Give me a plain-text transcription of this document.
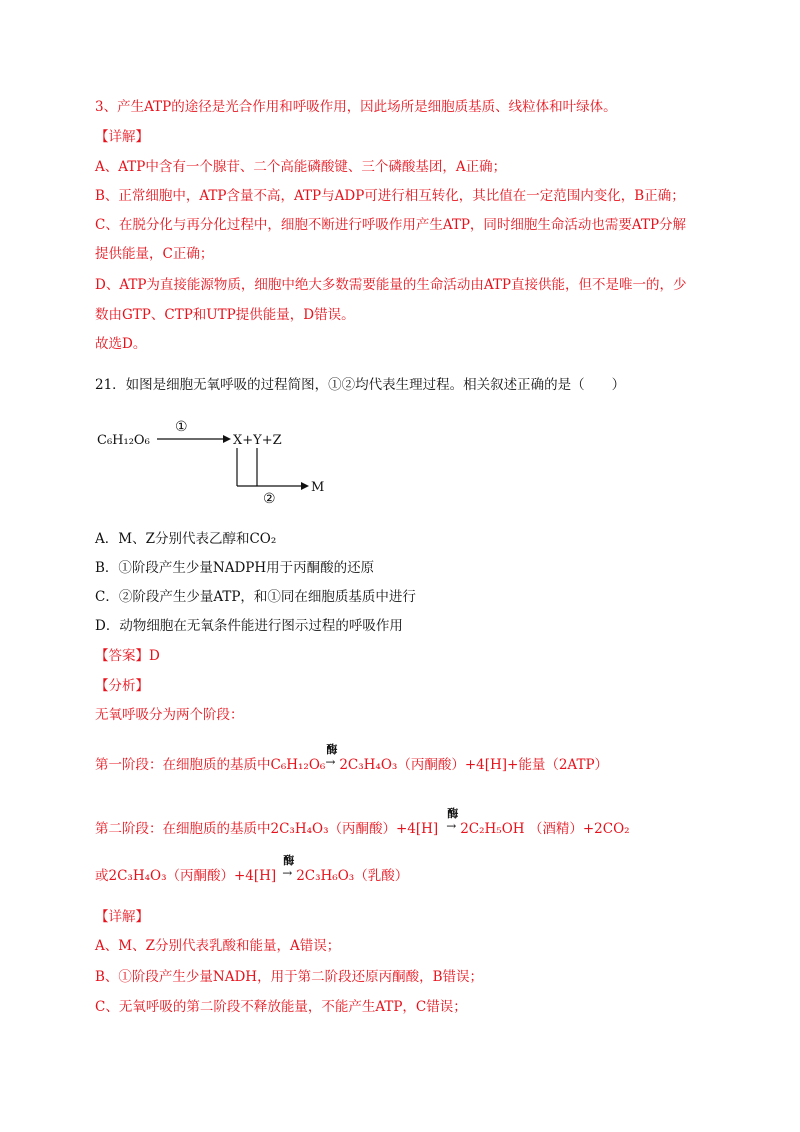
3、产生ATP的途径是光合作用和呼吸作用，因此场所是细胞质基质、线粒体和叶绿体。
【详解】
A、ATP中含有一个腺苷、二个高能磷酸键、三个磷酸基团，A正确；
B、正常细胞中，ATP含量不高，ATP与ADP可进行相互转化，其比值在一定范围内变化，B正确；
C、在脱分化与再分化过程中，细胞不断进行呼吸作用产生ATP，同时细胞生命活动也需要ATP分解
提供能量，C正确；
D、ATP为直接能源物质，细胞中绝大多数需要能量的生命活动由ATP直接供能，但不是唯一的，少
数由GTP、CTP和UTP提供能量，D错误。
故选D。
21．如图是细胞无氧呼吸的过程简图，①②均代表生理过程。相关叙述正确的是（　　）
C₆H₁₂O₆
①
X+Y+Z
②
M
A．M、Z分别代表乙醇和CO₂
B．①阶段产生少量NADPH用于丙酮酸的还原
C．②阶段产生少量ATP，和①同在细胞质基质中进行
D．动物细胞在无氧条件能进行图示过程的呼吸作用
【答案】D
【分析】
无氧呼吸分为两个阶段：
第一阶段：在细胞质的基质中C₆H₁₂O₆
酶
→ 2C₃H₄O₃（丙酮酸）+4[H]+能量（2ATP）
第二阶段：在细胞质的基质中2C₃H₄O₃（丙酮酸）+4[H]
酶
→ 2C₂H₅OH （酒精）+2CO₂
或2C₃H₄O₃（丙酮酸）+4[H]
酶
→ 2C₃H₆O₃（乳酸）
【详解】
A、M、Z分别代表乳酸和能量，A错误；
B、①阶段产生少量NADH，用于第二阶段还原丙酮酸，B错误；
C、无氧呼吸的第二阶段不释放能量，不能产生ATP，C错误；
